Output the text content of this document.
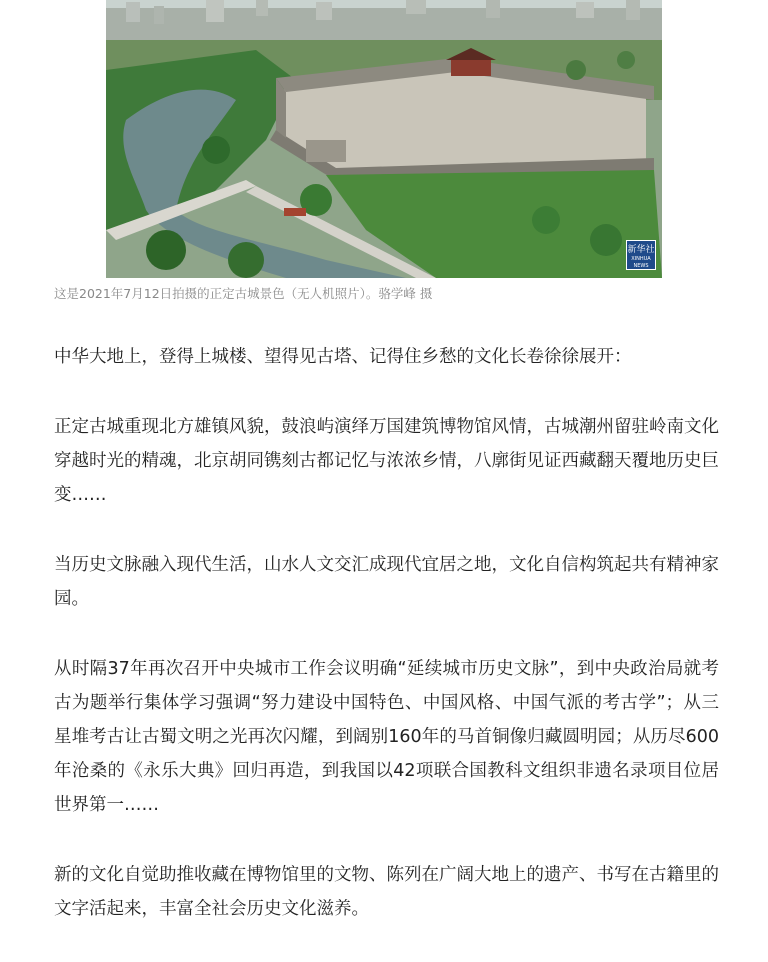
新华社
XINHUA NEWS
这是2021年7月12日拍摄的正定古城景色（无人机照片）。骆学峰 摄

中华大地上，登得上城楼、望得见古塔、记得住乡愁的文化长卷徐徐展开：

正定古城重现北方雄镇风貌，鼓浪屿演绎万国建筑博物馆风情，古城潮州留驻岭南文化穿越时光的精魂，北京胡同镌刻古都记忆与浓浓乡情，八廓街见证西藏翻天覆地历史巨变……

当历史文脉融入现代生活，山水人文交汇成现代宜居之地，文化自信构筑起共有精神家园。

从时隔37年再次召开中央城市工作会议明确“延续城市历史文脉”，到中央政治局就考古为题举行集体学习强调“努力建设中国特色、中国风格、中国气派的考古学”；从三星堆考古让古蜀文明之光再次闪耀，到阔别160年的马首铜像归藏圆明园；从历尽600年沧桑的《永乐大典》回归再造，到我国以42项联合国教科文组织非遗名录项目位居世界第一……

新的文化自觉助推收藏在博物馆里的文物、陈列在广阔大地上的遗产、书写在古籍里的文字活起来，丰富全社会历史文化滋养。
